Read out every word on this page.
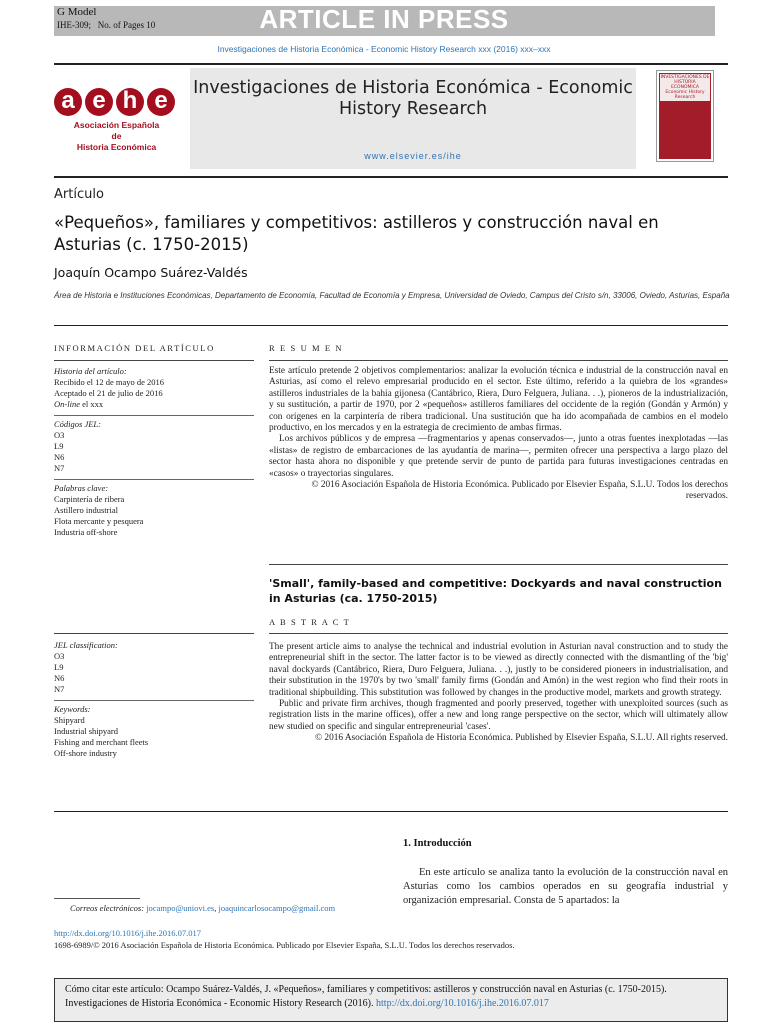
G Model
IHE-309; No. of Pages 10	ARTICLE IN PRESS
Investigaciones de Historia Económica - Economic History Research xxx (2016) xxx–xxx
a e h e
Asociación Española
de
Historia Económica
Investigaciones de Historia Económica - Economic History Research
www.elsevier.es/ihe
INVESTIGACIONES DE HISTORIA ECONÓMICA Economic History Research
Artículo
«Pequeños», familiares y competitivos: astilleros y construcción naval en Asturias (c. 1750-2015)
Joaquín Ocampo Suárez-Valdés
Área de Historia e Instituciones Económicas, Departamento de Economía, Facultad de Economía y Empresa, Universidad de Oviedo, Campus del Cristo s/n, 33006, Oviedo, Asturias, España
INFORMACIÓN DEL ARTÍCULO	R E S U M E N
Historia del artículo:
Recibido el 12 de mayo de 2016
Aceptado el 21 de julio de 2016
On-line el xxx
Códigos JEL:
O3
L9
N6
N7
Palabras clave:
Carpintería de ribera
Astillero industrial
Flota mercante y pesquera
Industria off-shore

Este artículo pretende 2 objetivos complementarios: analizar la evolución técnica e industrial de la construcción naval en Asturias, así como el relevo empresarial producido en el sector. Este último, referido a la quiebra de los «grandes» astilleros industriales de la bahía gijonesa (Cantábrico, Riera, Duro Felguera, Juliana. . .), pioneros de la industrialización, y su sustitución, a partir de 1970, por 2 «pequeños» astilleros familiares del occidente de la región (Gondán y Armón) y con orígenes en la carpintería de ribera tradicional. Una sustitución que ha ido acompañada de cambios en el modelo productivo, en los mercados y en la estrategia de crecimiento de ambas firmas.

Los archivos públicos y de empresa —fragmentarios y apenas conservados—, junto a otras fuentes inexplotadas —las «listas» de registro de embarcaciones de las ayudantía de marina—, permiten ofrecer una perspectiva a largo plazo del sector hasta ahora no disponible y que pretende servir de punto de partida para futuras investigaciones centradas en «casos» o trayectorias singulares.

© 2016 Asociación Española de Historia Económica. Publicado por Elsevier España, S.L.U. Todos los derechos reservados.

'Small', family-based and competitive: Dockyards and naval construction in Asturias (ca. 1750-2015)
A B S T R A C T
JEL classification:
O3
L9
N6
N7
Keywords:
Shipyard
Industrial shipyard
Fishing and merchant fleets
Off-shore industry

The present article aims to analyse the technical and industrial evolution in Asturian naval construction and to study the entrepreneurial shift in the sector. The latter factor is to be viewed as directly connected with the dismantling of the 'big' naval dockyards (Cantábrico, Riera, Duro Felguera, Juliana. . .), justly to be considered pioneers in industrialisation, and their substitution in the 1970's by two 'small' family firms (Gondán and Amón) in the west region who find their roots in traditional shipbuilding. This substitution was followed by changes in the productive model, markets and growth strategy.

Public and private firm archives, though fragmented and poorly preserved, together with unexploited sources (such as registration lists in the marine offices), offer a new and long range perspective on the sector, which will ultimately allow new studied on specific and singular entrepreneurial 'cases'.

© 2016 Asociación Española de Historia Económica. Published by Elsevier España, S.L.U. All rights reserved.

1. Introducción
En este artículo se analiza tanto la evolución de la construcción naval en Asturias como los cambios operados en su geografía industrial y organización empresarial. Consta de 5 apartados: la
Correos electrónicos: jocampo@uniovi.es, joaquincarlosocampo@gmail.com
http://dx.doi.org/10.1016/j.ihe.2016.07.017
1698-6989/© 2016 Asociación Española de Historia Económica. Publicado por Elsevier España, S.L.U. Todos los derechos reservados.
Cómo citar este artículo: Ocampo Suárez-Valdés, J. «Pequeños», familiares y competitivos: astilleros y construcción naval en Asturias (c. 1750-2015). Investigaciones de Historia Económica - Economic History Research (2016). http://dx.doi.org/10.1016/j.ihe.2016.07.017
